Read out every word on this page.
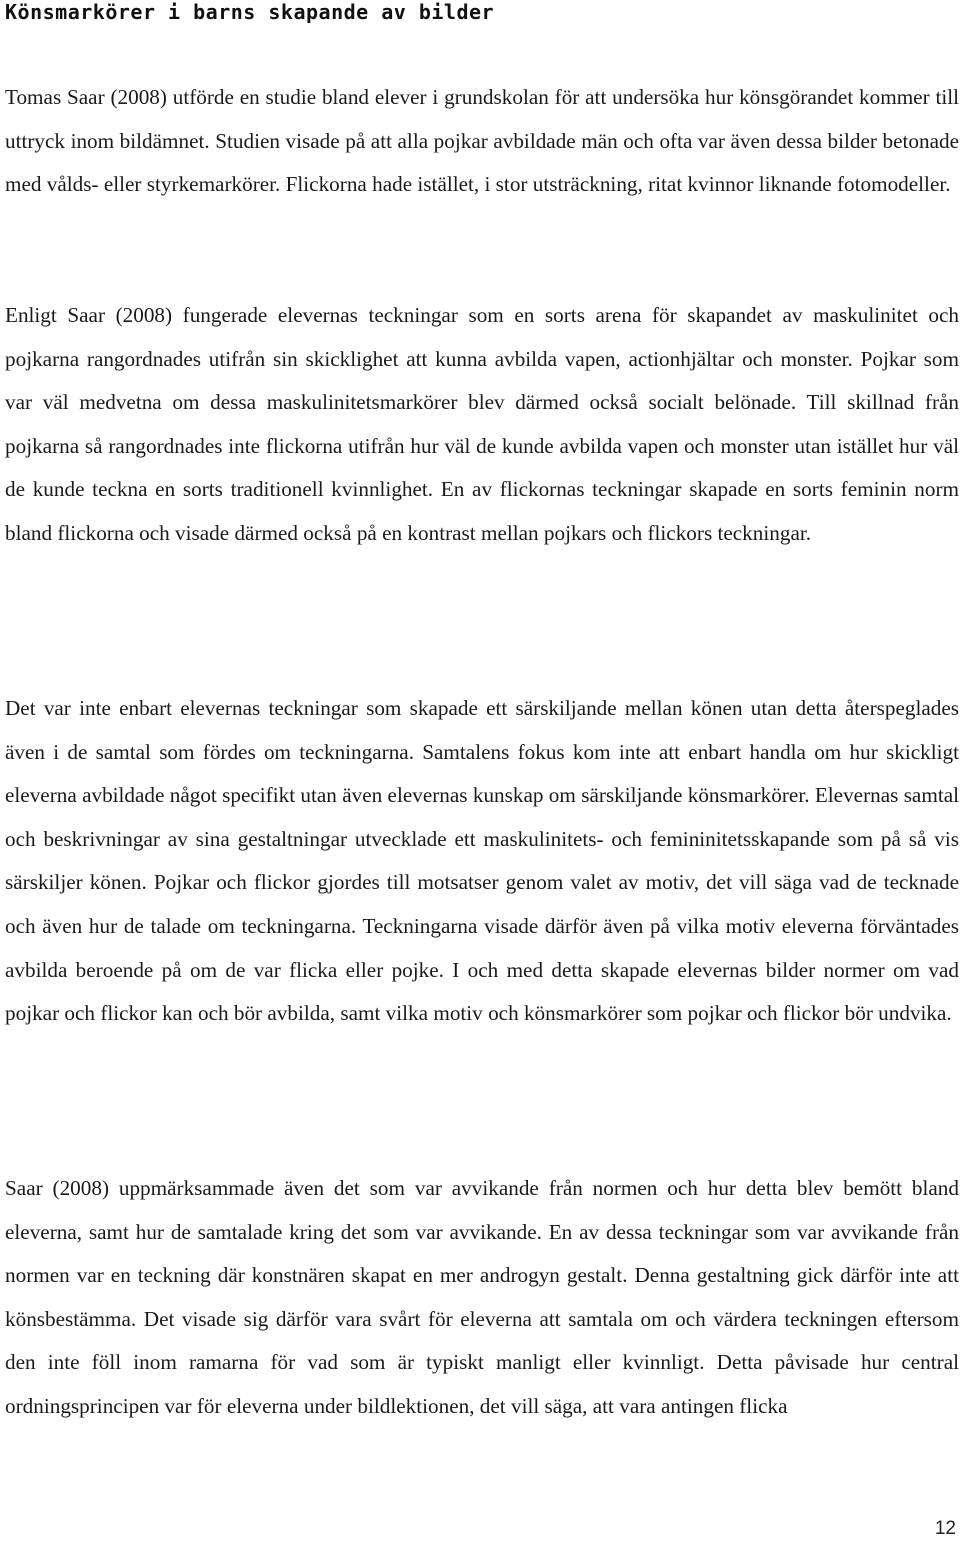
Könsmarkörer i barns skapande av bilder

Tomas Saar (2008) utförde en studie bland elever i grundskolan för att undersöka hur könsgörandet kommer till uttryck inom bildämnet. Studien visade på att alla pojkar avbildade män och ofta var även dessa bilder betonade med vålds- eller styrkemarkörer. Flickorna hade istället, i stor utsträckning, ritat kvinnor liknande fotomodeller.

Enligt Saar (2008) fungerade elevernas teckningar som en sorts arena för skapandet av maskulinitet och pojkarna rangordnades utifrån sin skicklighet att kunna avbilda vapen, actionhjältar och monster. Pojkar som var väl medvetna om dessa maskulinitetsmarkörer blev därmed också socialt belönade. Till skillnad från pojkarna så rangordnades inte flickorna utifrån hur väl de kunde avbilda vapen och monster utan istället hur väl de kunde teckna en sorts traditionell kvinnlighet. En av flickornas teckningar skapade en sorts feminin norm bland flickorna och visade därmed också på en kontrast mellan pojkars och flickors teckningar.

Det var inte enbart elevernas teckningar som skapade ett särskiljande mellan könen utan detta återspeglades även i de samtal som fördes om teckningarna. Samtalens fokus kom inte att enbart handla om hur skickligt eleverna avbildade något specifikt utan även elevernas kunskap om särskiljande könsmarkörer. Elevernas samtal och beskrivningar av sina gestaltningar utvecklade ett maskulinitets- och femininitetsskapande som på så vis särskiljer könen. Pojkar och flickor gjordes till motsatser genom valet av motiv, det vill säga vad de tecknade och även hur de talade om teckningarna. Teckningarna visade därför även på vilka motiv eleverna förväntades avbilda beroende på om de var flicka eller pojke. I och med detta skapade elevernas bilder normer om vad pojkar och flickor kan och bör avbilda, samt vilka motiv och könsmarkörer som pojkar och flickor bör undvika.

Saar (2008) uppmärksammade även det som var avvikande från normen och hur detta blev bemött bland eleverna, samt hur de samtalade kring det som var avvikande. En av dessa teckningar som var avvikande från normen var en teckning där konstnären skapat en mer androgyn gestalt. Denna gestaltning gick därför inte att könsbestämma. Det visade sig därför vara svårt för eleverna att samtala om och värdera teckningen eftersom den inte föll inom ramarna för vad som är typiskt manligt eller kvinnligt. Detta påvisade hur central ordningsprincipen var för eleverna under bildlektionen, det vill säga, att vara antingen flicka

12
